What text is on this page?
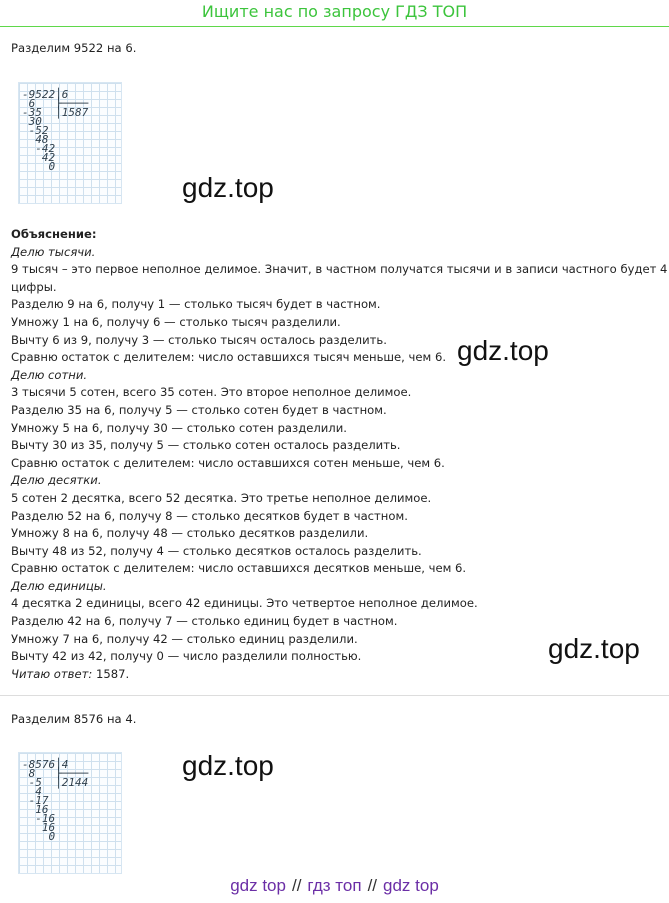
Ищите нас по запросу ГДЗ ТОП
Разделим 9522 на 6.
-9522│6
6   ├────
-35  │1587
30
-52
48
-42
42
0
gdz.top
gdz.top
gdz.top
gdz.top
Объяснение:
Делю тысячи.
9 тысяч – это первое неполное делимое. Значит, в частном получатся тысячи и в записи частного будет 4
цифры.
Разделю 9 на 6, получу 1 — столько тысяч будет в частном.
Умножу 1 на 6, получу 6 — столько тысяч разделили.
Вычту 6 из 9, получу 3 — столько тысяч осталось разделить.
Сравню остаток с делителем: число оставшихся тысяч меньше, чем 6.
Делю сотни.
3 тысячи 5 сотен, всего 35 сотен. Это второе неполное делимое.
Разделю 35 на 6, получу 5 — столько сотен будет в частном.
Умножу 5 на 6, получу 30 — столько сотен разделили.
Вычту 30 из 35, получу 5 — столько сотен осталось разделить.
Сравню остаток с делителем: число оставшихся сотен меньше, чем 6.
Делю десятки.
5 сотен 2 десятка, всего 52 десятка. Это третье неполное делимое.
Разделю 52 на 6, получу 8 — столько десятков будет в частном.
Умножу 8 на 6, получу 48 — столько десятков разделили.
Вычту 48 из 52, получу 4 — столько десятков осталось разделить.
Сравню остаток с делителем: число оставшихся десятков меньше, чем 6.
Делю единицы.
4 десятка 2 единицы, всего 42 единицы. Это четвертое неполное делимое.
Разделю 42 на 6, получу 7 — столько единиц будет в частном.
Умножу 7 на 6, получу 42 — столько единиц разделили.
Вычту 42 из 42, получу 0 — число разделили полностью.
Читаю ответ: 1587.
Разделим 8576 на 4.
-8576│4
8   ├────
-5  │2144
4
-17
16
-16
16
0
gdz top // гдз топ // gdz top
